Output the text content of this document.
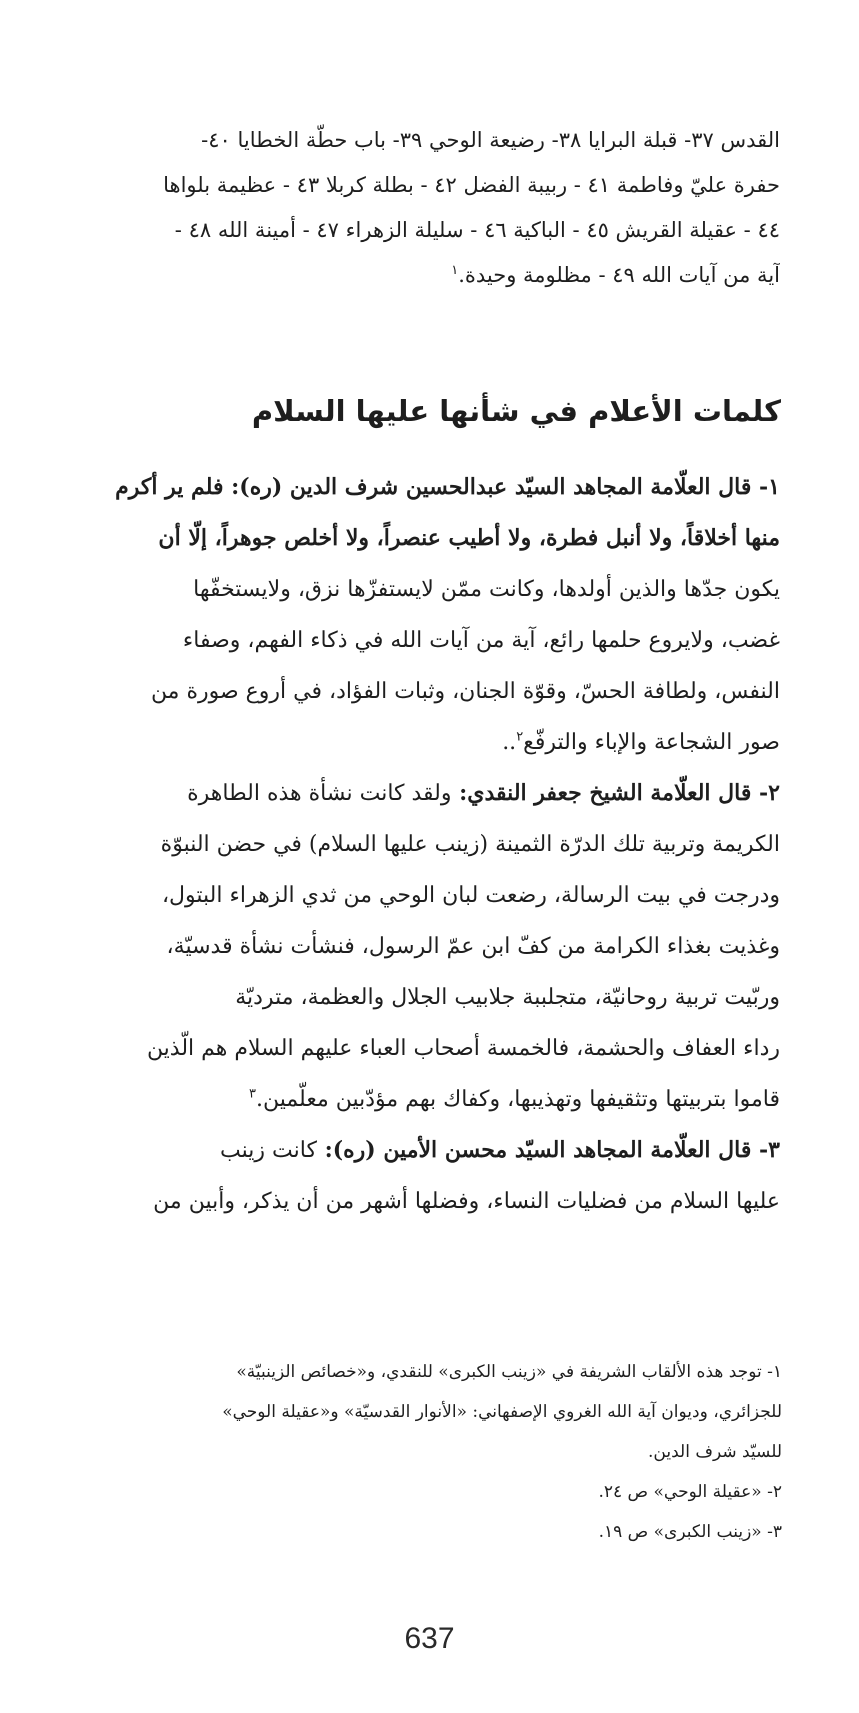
القدس ٣٧- قبلة البرايا ٣٨- رضيعة الوحي ٣٩- باب حطّة الخطايا ٤٠-
حفرة عليّ وفاطمة ٤١ - ربيبة الفضل ٤٢ - بطلة كربلا ٤٣ - عظيمة بلواها
٤٤ - عقيلة القريش ٤٥ - الباكية ٤٦ - سليلة الزهراء ٤٧ - أمينة الله ٤٨ -
آية من آيات الله ٤٩ - مظلومة وحيدة.$^١$
كلمات الأعلام في شأنها عليها السلام
١- قال العلّامة المجاهد السيّد عبدالحسين شرف الدين (ره): فلم ير أكرم
منها أخلاقاً، ولا أنبل فطرة، ولا أطيب عنصراً، ولا أخلص جوهراً، إلّا أن
يكون جدّها والذين أولدها، وكانت ممّن لايستفزّها نزق، ولايستخفّها
غضب، ولايروع حلمها رائع، آية من آيات الله في ذكاء الفهم، وصفاء
النفس، ولطافة الحسّ، وقوّة الجنان، وثبات الفؤاد، في أروع صورة من
صور الشجاعة والإباء والترفّع$^٢$..
٢- قال العلّامة الشيخ جعفر النقدي: ولقد كانت نشأة هذه الطاهرة
الكريمة وتربية تلك الدرّة الثمينة (زينب عليها السلام) في حضن النبوّة
ودرجت في بيت الرسالة، رضعت لبان الوحي من ثدي الزهراء البتول،
وغذيت بغذاء الكرامة من كفّ ابن عمّ الرسول، فنشأت نشأة قدسيّة،
وربّيت تربية روحانيّة، متجلببة جلابيب الجلال والعظمة، مترديّة
رداء العفاف والحشمة، فالخمسة أصحاب العباء عليهم السلام هم الّذين
قاموا بتربيتها وتثقيفها وتهذيبها، وكفاك بهم مؤدّبين معلّمين.$^٣$
٣- قال العلّامة المجاهد السيّد محسن الأمين (ره): كانت زينب
عليها السلام من فضليات النساء، وفضلها أشهر من أن يذكر، وأبين من
١- توجد هذه الألقاب الشريفة في «زينب الكبرى» للنقدي، و«خصائص الزينبيّة»
للجزائري، وديوان آية الله الغروي الإصفهاني: «الأنوار القدسيّة» و«عقيلة الوحي»
للسيّد شرف الدين.
٢- «عقيلة الوحي» ص ٢٤.
٣- «زينب الكبرى» ص ١٩.
637
